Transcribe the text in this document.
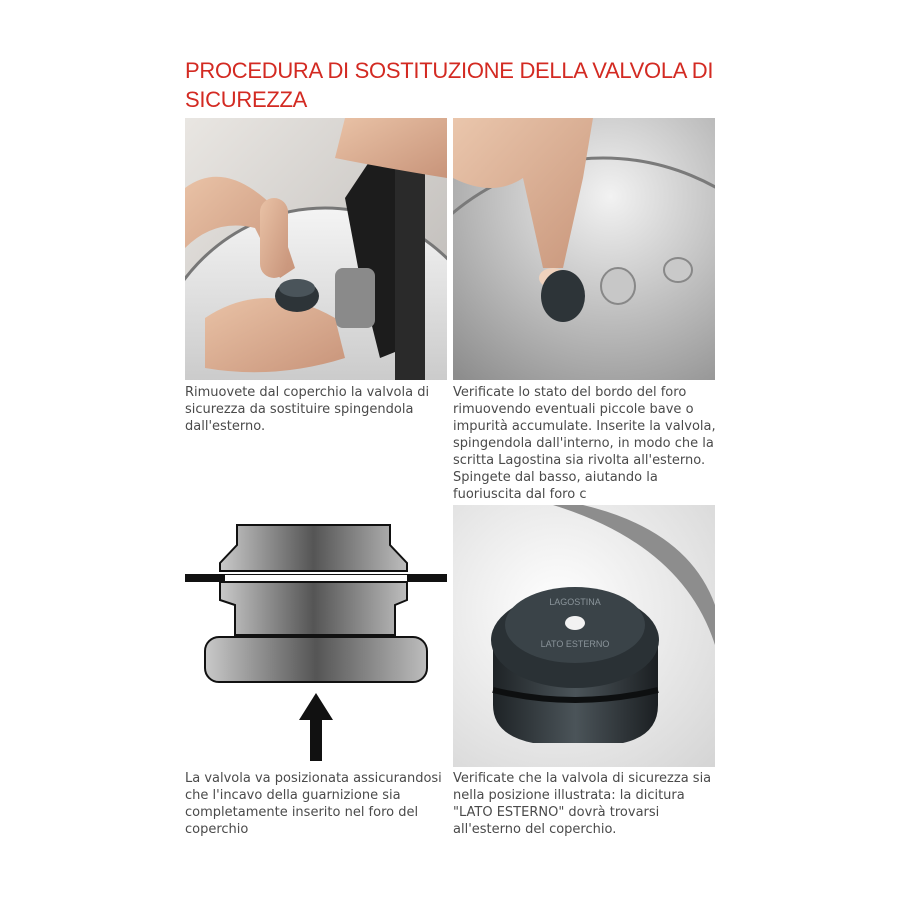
PROCEDURA DI SOSTITUZIONE DELLA VALVOLA DI SICUREZZA
LAGOSTINA
LATO ESTERNO
Rimuovete dal coperchio la valvola di sicurezza da sostituire spingendola dall'esterno.
Verificate lo stato del bordo del foro rimuovendo eventuali piccole bave o impurità accumulate. Inserite la valvola, spingendola dall'interno, in modo che la scritta Lagostina sia rivolta all'esterno. Spingete dal basso, aiutando la fuoriuscita dal foro c
La valvola va posizionata assicurandosi che l'incavo della guarnizione sia completamente inserito nel foro del coperchio
Verificate che la valvola di sicurezza sia nella posizione illustrata: la dicitura "LATO ESTERNO" dovrà trovarsi all'esterno del coperchio.
